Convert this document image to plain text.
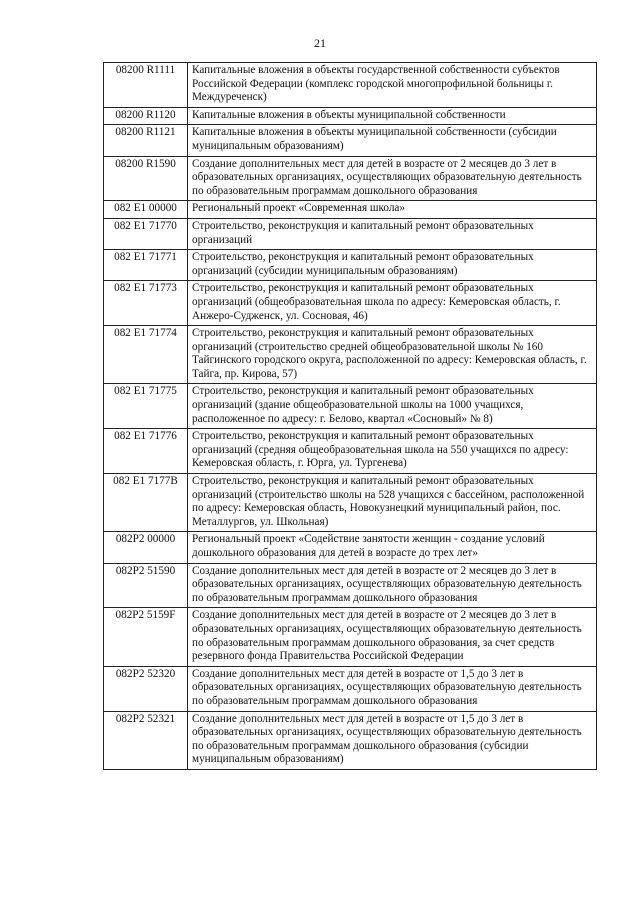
21
08200 R1111	Капитальные вложения в объекты государственной собственности субъектов Российской Федерации (комплекс городской многопрофильной больницы г. Междуреченск)
08200 R1120	Капитальные вложения в объекты муниципальной собственности
08200 R1121	Капитальные вложения в объекты муниципальной собственности (субсидии муниципальным образованиям)
08200 R1590	Создание дополнительных мест для детей в возрасте от 2 месяцев до 3 лет в образовательных организациях, осуществляющих образовательную деятельность по образовательным программам дошкольного образования
082 E1 00000	Региональный проект «Современная школа»
082 E1 71770	Строительство, реконструкция и капитальный ремонт образовательных организаций
082 E1 71771	Строительство, реконструкция и капитальный ремонт образовательных организаций (субсидии муниципальным образованиям)
082 E1 71773	Строительство, реконструкция и капитальный ремонт образовательных организаций (общеобразовательная школа по адресу: Кемеровская область, г. Анжеро-Судженск, ул. Сосновая, 46)
082 E1 71774	Строительство, реконструкция и капитальный ремонт образовательных организаций (строительство средней общеобразовательной школы № 160 Тайгинского городского округа, расположенной по адресу: Кемеровская область, г. Тайга, пр. Кирова, 57)
082 E1 71775	Строительство, реконструкция и капитальный ремонт образовательных организаций (здание общеобразовательной школы на 1000 учащихся, расположенное по адресу: г. Белово, квартал «Сосновый» № 8)
082 E1 71776	Строительство, реконструкция и капитальный ремонт образовательных организаций (средняя общеобразовательная школа на 550 учащихся по адресу: Кемеровская область, г. Юрга, ул. Тургенева)
082 E1 7177B	Строительство, реконструкция и капитальный ремонт образовательных организаций (строительство школы на 528 учащихся с бассейном, расположенной по адресу: Кемеровская область, Новокузнецкий муниципальный район, пос. Металлургов, ул. Школьная)
082P2 00000	Региональный проект «Содействие занятости женщин - создание условий дошкольного образования для детей в возрасте до трех лет»
082P2 51590	Создание дополнительных мест для детей в возрасте от 2 месяцев до 3 лет в образовательных организациях, осуществляющих образовательную деятельность по образовательным программам дошкольного образования
082P2 5159F	Создание дополнительных мест для детей в возрасте от 2 месяцев до 3 лет в образовательных организациях, осуществляющих образовательную деятельность по образовательным программам дошкольного образования, за счет средств резервного фонда Правительства Российской Федерации
082P2 52320	Создание дополнительных мест для детей в возрасте от 1,5 до 3 лет в образовательных организациях, осуществляющих образовательную деятельность по образовательным программам дошкольного образования
082P2 52321	Создание дополнительных мест для детей в возрасте от 1,5 до 3 лет в образовательных организациях, осуществляющих образовательную деятельность по образовательным программам дошкольного образования (субсидии муниципальным образованиям)
